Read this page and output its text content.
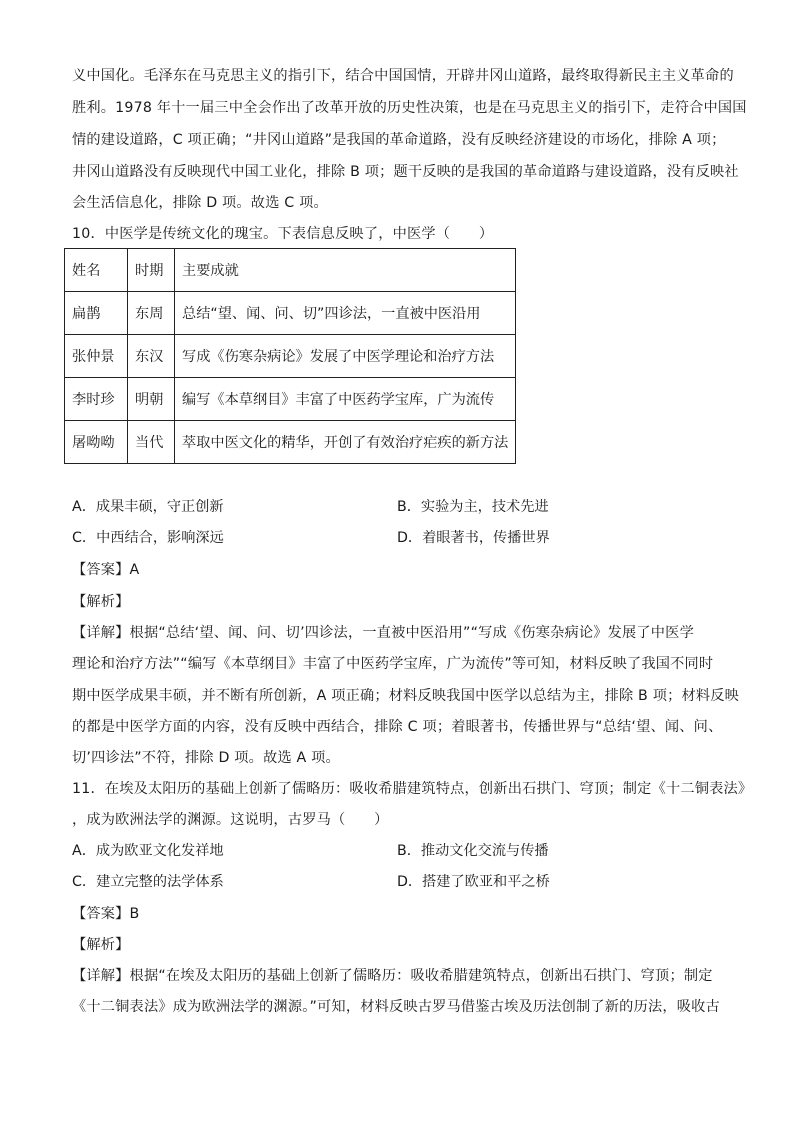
义中国化。毛泽东在马克思主义的指引下，结合中国国情，开辟井冈山道路，最终取得新民主主义革命的
胜利。1978 年十一届三中全会作出了改革开放的历史性决策，也是在马克思主义的指引下，走符合中国国
情的建设道路，C 项正确；“井冈山道路”是我国的革命道路，没有反映经济建设的市场化，排除 A 项；
井冈山道路没有反映现代中国工业化，排除 B 项；题干反映的是我国的革命道路与建设道路，没有反映社
会生活信息化，排除 D 项。故选 C 项。
10．中医学是传统文化的瑰宝。下表信息反映了，中医学（　　）
姓名	时期	主要成就
扁鹊	东周	总结“望、闻、问、切”四诊法，一直被中医沿用
张仲景	东汉	写成《伤寒杂病论》发展了中医学理论和治疗方法
李时珍	明朝	编写《本草纲目》丰富了中医药学宝库，广为流传
屠呦呦	当代	萃取中医文化的精华，开创了有效治疗疟疾的新方法
A．成果丰硕，守正创新	B．实验为主，技术先进
C．中西结合，影响深远	D．着眼著书，传播世界
【答案】A
【解析】
【详解】根据“总结‘望、闻、问、切’四诊法，一直被中医沿用”“写成《伤寒杂病论》发展了中医学
理论和治疗方法”“编写《本草纲目》丰富了中医药学宝库，广为流传”等可知，材料反映了我国不同时
期中医学成果丰硕，并不断有所创新，A 项正确；材料反映我国中医学以总结为主，排除 B 项；材料反映
的都是中医学方面的内容，没有反映中西结合，排除 C 项；着眼著书，传播世界与“总结‘望、闻、问、
切’四诊法”不符，排除 D 项。故选 A 项。
11．在埃及太阳历的基础上创新了儒略历：吸收希腊建筑特点，创新出石拱门、穹顶；制定《十二铜表法》
，成为欧洲法学的渊源。这说明，古罗马（　　）
A．成为欧亚文化发祥地	B．推动文化交流与传播
C．建立完整的法学体系	D．搭建了欧亚和平之桥
【答案】B
【解析】
【详解】根据“在埃及太阳历的基础上创新了儒略历：吸收希腊建筑特点，创新出石拱门、穹顶；制定
《十二铜表法》成为欧洲法学的渊源。”可知，材料反映古罗马借鉴古埃及历法创制了新的历法，吸收古
